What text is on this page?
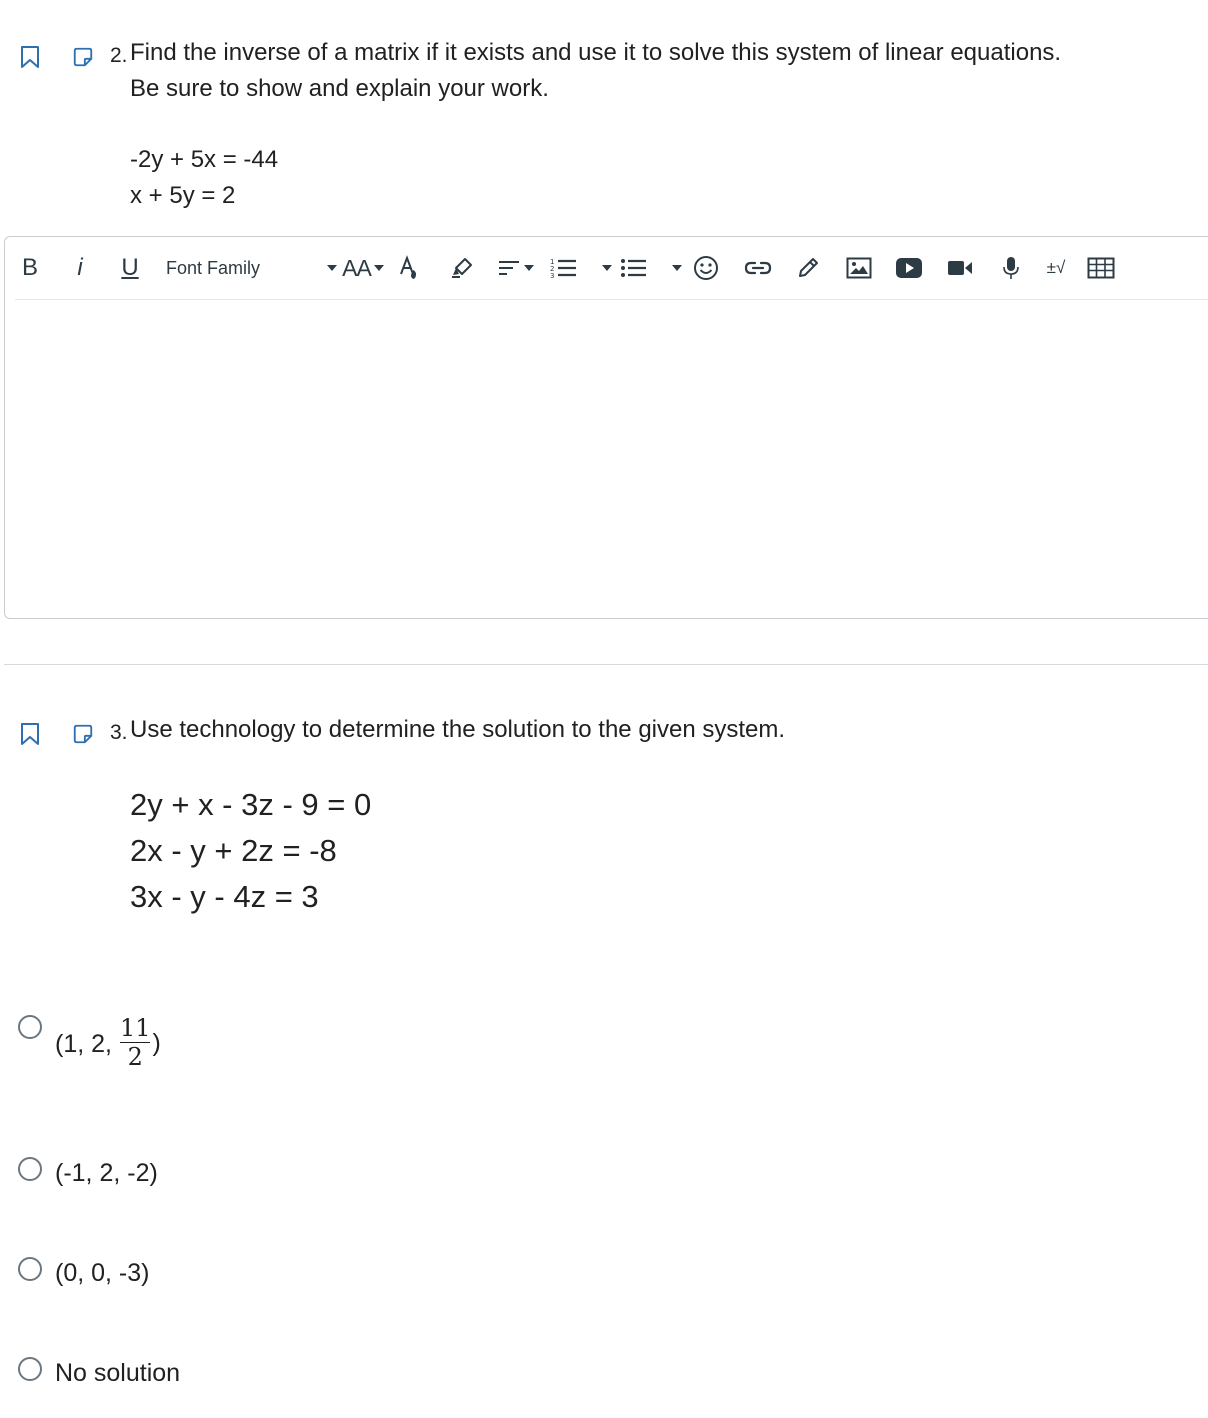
2. Find the inverse of a matrix if it exists and use it to solve this system of linear equations.
Be sure to show and explain your work.
-2y + 5x = -44
x + 5y = 2
B i U Font Family	AA	1
2
3	±√
3. Use technology to determine the solution to the given system.
2y + x - 3z - 9 = 0
2x - y + 2z = -8
3x - y - 4z = 3
(1, 2, $\frac{11}{2}$ )
(-1, 2, -2)
(0, 0, -3)
No solution
